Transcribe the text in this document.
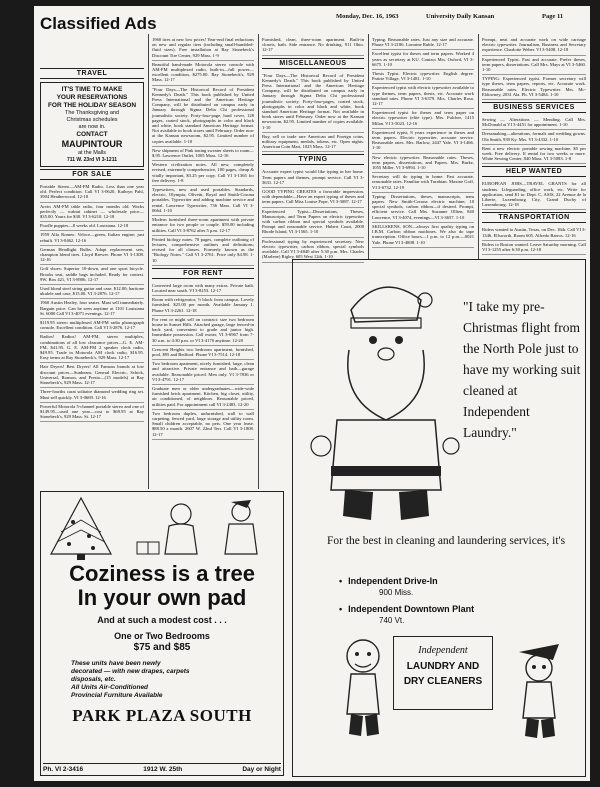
Classified Ads	Monday, Dec. 16, 1963	University Daily Kansan	Page 11
TRAVEL
IT'S TIME TO MAKE
YOUR RESERVATIONS
FOR THE HOLIDAY SEASON
The Thanksgiving and
Christmas schedules
are now in.
CONTACT
MAUPINTOUR
at the Malls
711 W. 23rd VI 3-1211
FOR SALE
Portable Stereo—AM-FM Radio. Less than one year old. Perfect condition. Call VI 3-0620, Kathryn Pahl, 3904 Heatherwood. 12-18
Arvin AM-FM table radio, four months old. Works perfectly — walnut cabinet — wholesale price—$35.00. Yours for $30. VI 3-6210. 12-18
Poodle puppies—8 weeks old. Louisiana. 12-18
1959 Alfa Romeo. Veloce—green, Italian engine; just rebuilt. VI 3-0462. 12-16
German Headlight Bulbs. Adapt replacement sets, champion blend tires. Lloyd Brewer. Phone VI 3-1308. 12-16
Golf shoes: Superior 10-down, and one sport bicycle. Brooks seat, saddle bags included. Ready for contest. 9W. Box 421, VI 3-8906. 12-17
Used blond steel string guitar and case. $12.00; baritone ukulele and case, $15.00. VI 3-2876. 12-17
1960 Austin Healey, four seater. Must sell immediately. Bargain price. Can be seen anytime at 1101 Louisiana St. 6000 Call VI 3-4071 evenings. 12-17
$119.95 stereo multiplexed AM-FM radio phonograph console. Excellent condition. Call VI 3-2876. 12-17
Radios! Radios! AM-FM, stereo multiplex, combinations of all low clearance prices—G. E. AM-FM, $41.95. G. E. AM-FM 2 speaker clock radio, $49.95. Trade in Motorola AM clock radio, $16.95. Easy terms at Ray Stonebeck's, 929 Mass. 12-17
Hair Dryers! Best Dryers! All Famous brands at low discount prices—Sunbeam, General Electric, Schick, Universal, Ronson, and Presto—(15 models) at Ray Stonebeck's, 929 Mass. 12-17
Three-fourths carat solitaire diamond wedding ring set. Must sell quickly. VI 3-0669. 12-16
Powerful Motorola 5-channel portable stereo and one of $149.95—used one year—cost to $69.95 at Ray Stonebeck's, 929 Mass. St. 12-17
1960 tires at new low prices! Year-end final reductions on new and regular tires (including small-bumbled-fluid sizes). Free installation at Ray Stonebeck's Discount Tire Center, 929 Mass. 1-9
Beautiful hand-made Motorola stereo console with AM-FM multiplexed radio, built-in—full power—excellent condition, $275.00. Ray Stonebeck's, 929 Mass. 12-17
"Four Days—The Historical Record of President Kennedy's Death." This book published by United Press International and the American Heritage Company, will be distributed on campus early in January through Sigma Delta Chi professional journalistic society. Forty-four-page, hard cover, 128 pages, coated stock, photographs in color and black and white, book standard American Heritage format. Not available in book stores until February. Order now at the Kansan newsroom, $2.95. Limited number of copies available. 1-10
New shipment of Pink toning sweater sheets to roam—$.95. Lawrence Outlet, 1005 Mass. 12-16
Western civilization notes. All new, completely revised, extremely comprehensive, 100 pages, cheap & vitally important, $3.25 per copy. Call VI 3-1365 for free delivery. 1-8
Typewriters, new and used portables. Standards, electric, Olympia, Olivetti, Royal and Smith-Corona portables. Typewriter and adding machine service and rental. Lawrence Typewriter, 736 Mass. Call VI 3-0664. 1-10
Modern furnished three-room apartment with private entrance for two people or couple. $59.00 including utilities. Call VI 3-8762 after 5 p.m. 12-17
Printed biology notes. 70 pages, complete outlining of lectures, comprehensive outlines and definitions; revised for all classes. Formerly known as the "Biology Notes." Call VI 3-2761. Price only $4.98. 1-10
FOR RENT
Converted large room with many extras. Private bath. Located near south. VI 3-8253. 12-17
Room with refrigerator, ½ block from campus. Lovely furnished. $25.00 per month. Available January 1. Phone VI 3-2261. 12-18
For rent or might sell on contract: size two bedroom house in Sunset Hills. Attached garage, large fenced-in back yard, convenient to grade and junior high. Immediate possession. Call owner, VI 3-6967 from 7-30 a.m. to 4:30 p.m. or VI 3-4170 anytime. 12-20
Crescent Heights two bedroom apartment, furnished, pool, $95 and Bedford. Phone VI 3-7514. 12-18
Two bedroom apartment, nicely furnished, large, clean and attractive. Private entrance and bath—garage available. Reasonable priced. Men only. VI 3-7836 or VI 3-4791. 12-17
Graduate men or older undergraduates—wide-wide furnished brick apartment. Kitchen, big closet, utility, air conditioned, of neighbors. Reasonable priced, utilities paid. For appointment call VI 3-2483. 12-20
Two bedroom duplex, unfurnished, wall to wall carpeting, fenced yard, large storage and utility room. Small children acceptable, no pets. One year lease. $88.50 a month. 2607 W. 22nd Terr. Call VI 3-1808. 12-17
Furnished, clean, three-room apartment. Built-in closets, bath. Side entrance. No drinking. 911 Ohio. 12-17
MISCELLANEOUS
"Four Days—The Historical Record of President Kennedy's Death." This book published by United Press International and the American Heritage Company, will be distributed on campus early in January through Sigma Delta Chi professional journalistic society. Forty-four-pages, coated stock, photographs in color and black and white, book standard American Heritage format. Not available in book stores until February. Order now at the Kansan newsroom, $2.95. Limited number of copies available. 1-10
Buy, sell or trade rare American and Foreign coins, military equipment, medals, tokens, etc. Open nights. American Coin Mart, 1025 Mass. 12-17
TYPING
Accurate expert typist would like typing in her home. Term papers and themes, prompt service. Call VI 3-3631. 12-17
GOOD TYPING CREATES a favorable impression, with dependable—Have an expert typing of theses and term papers. Call Miss Louise Pope, VI 3-3087. 12-17
Experienced Typist—Dissertations, Theses, Manuscripts, and Term Papers on electric typewriter with carbon ribbon and special symbols available. Prompt and reasonable service. Hubert Court, 2000 Rhode Island, VI 3-1565. 1-10
Professional typing by experienced secretary. New electric typewriter, carbon ribbon, special symbols available. Call VI 3-4840 after 5:30 p.m. Mrs. Charles (Marlene) Rigley, 605 West 12th. 1-10
Typing. Reasonable rates. Just any size and accurate. Phone VI 3-2186. Lorraine Ruble. 12-17
Excellent typist for theses and term papers. Worked 4 years as secretary at KU. Contact Mrs. Oxford, VI 3-6675. 1-10
Thesis Typist. Electric typewriter. English degree. Prairie Village, VI 3-1481. 1-10
Experienced typist with electric typewriter available to type themes, term papers, thesis, etc. Accurate work standard rates. Phone VI 3-6379. Mrs. Charles Rosa. 12-17
Experienced typist for theses and term paper on electric typewriter (elite type). Mrs. Fulcher, 1415 Milan. VI 3-5023. 12-16
Experienced typist, 8 years experience in theses and term papers. Electric typewriter, accurate service. Reasonable rates. Mrs. Barlow, 2447 Yale. VI 3-1466. 1-10
New electric typewriter. Reasonable rates. Theses, term papers, dissertations, and Papers. Mrs. Burke, 1055 Miller. VI 3-6994. 1-10
Secretary will do typing in home. Fast accurate, reasonable rates. Familiar with Turabian. Maxine Goff, VI 3-6732. 12-19
Typing: Dissertations, theses, manuscripts, term papers. New Smith-Corona electric machine; 10 special symbols, carbon ribbon—if desired. Prompt, efficient service. Call Mrs. Suzanne Ollien, 840 Lawrence, VI 3-4074, evenings—VI 3-3657. 1-10
SKILLSKENS, SON—always first quality typing on I.B.M. Carbon ribbon machines. We also do tape transcription. Office hours—1 p.m. to 12 p.m.—0021 Yale. Phone VI 3-4808. 1-10
Prompt, neat and accurate work on wide carriage electric typewriter. Journalism, Business and Secretary experience. Charlotte Weber. VI 3-5408. 12-18
Experienced Typist. Fast and accurate. Prefer theses, term papers, dissertations. Call Mrs. Mays at VI 3-5460. 1-10
TYPING: Experienced typist. Former secretary will type theses, term papers, reports, etc. Accurate work. Reasonable rates. Electric Typewriter. Mrs. Mc-Eldowney, 2031 Ala. Ph. VI 3-5484. 1-10
BUSINESS SERVICES
Sewing — Alterations — Mending. Call Mrs. McDonald at VI 3-4451 for appointment. 1-10
Dressmaking—alterations, formals and wedding gowns. Ola Smith, 939 Ky. Mrs. VI 3-4332. 1-10
Rent a new electric portable sewing machine, $5 per week. Free delivery. If rental for two weeks or more. White Sewing Center, 840 Mass. VI 3-5083. 1-8
HELP WANTED
EUROPEAN JOBS—TRAVEL GRANTS for all students. Lifeguarding, office work, etc. Write for application, send $1 to: Dept. C, ASIS, 22 Avenue de la Liberte, Luxembourg City, Grand Duchy of Luxembourg. 12-18
TRANSPORTATION
Riders wanted to Austin, Texas, on Dec. 16th. Call VI 3-1346. Ellsworth, Room 605. Alfredo Barros. 12-16
Riders to Boston wanted. Leave Saturday morning. Call VI 3-1255 after 6:30 p.m. 12-18
Coziness is a tree
In your own pad
And at such a modest cost . . .
One or Two Bedrooms
$75 and $85
These units have been newly
decorated — with new drapes, carpets
disposals, etc.
All Units Air-Conditioned
Provincial Furniture Available
PARK PLAZA SOUTH
Ph. VI 2-3416	1912 W. 25th	Day or Night
"I take my pre-Christmas flight from the North Pole just to have my working suit cleaned at Independent Laundry."
For the best in cleaning and laundering services, it's
• Independent Drive-In
900 Miss.
• Independent Downtown Plant
740 Vt.
Independent
LAUNDRY AND
DRY CLEANERS
